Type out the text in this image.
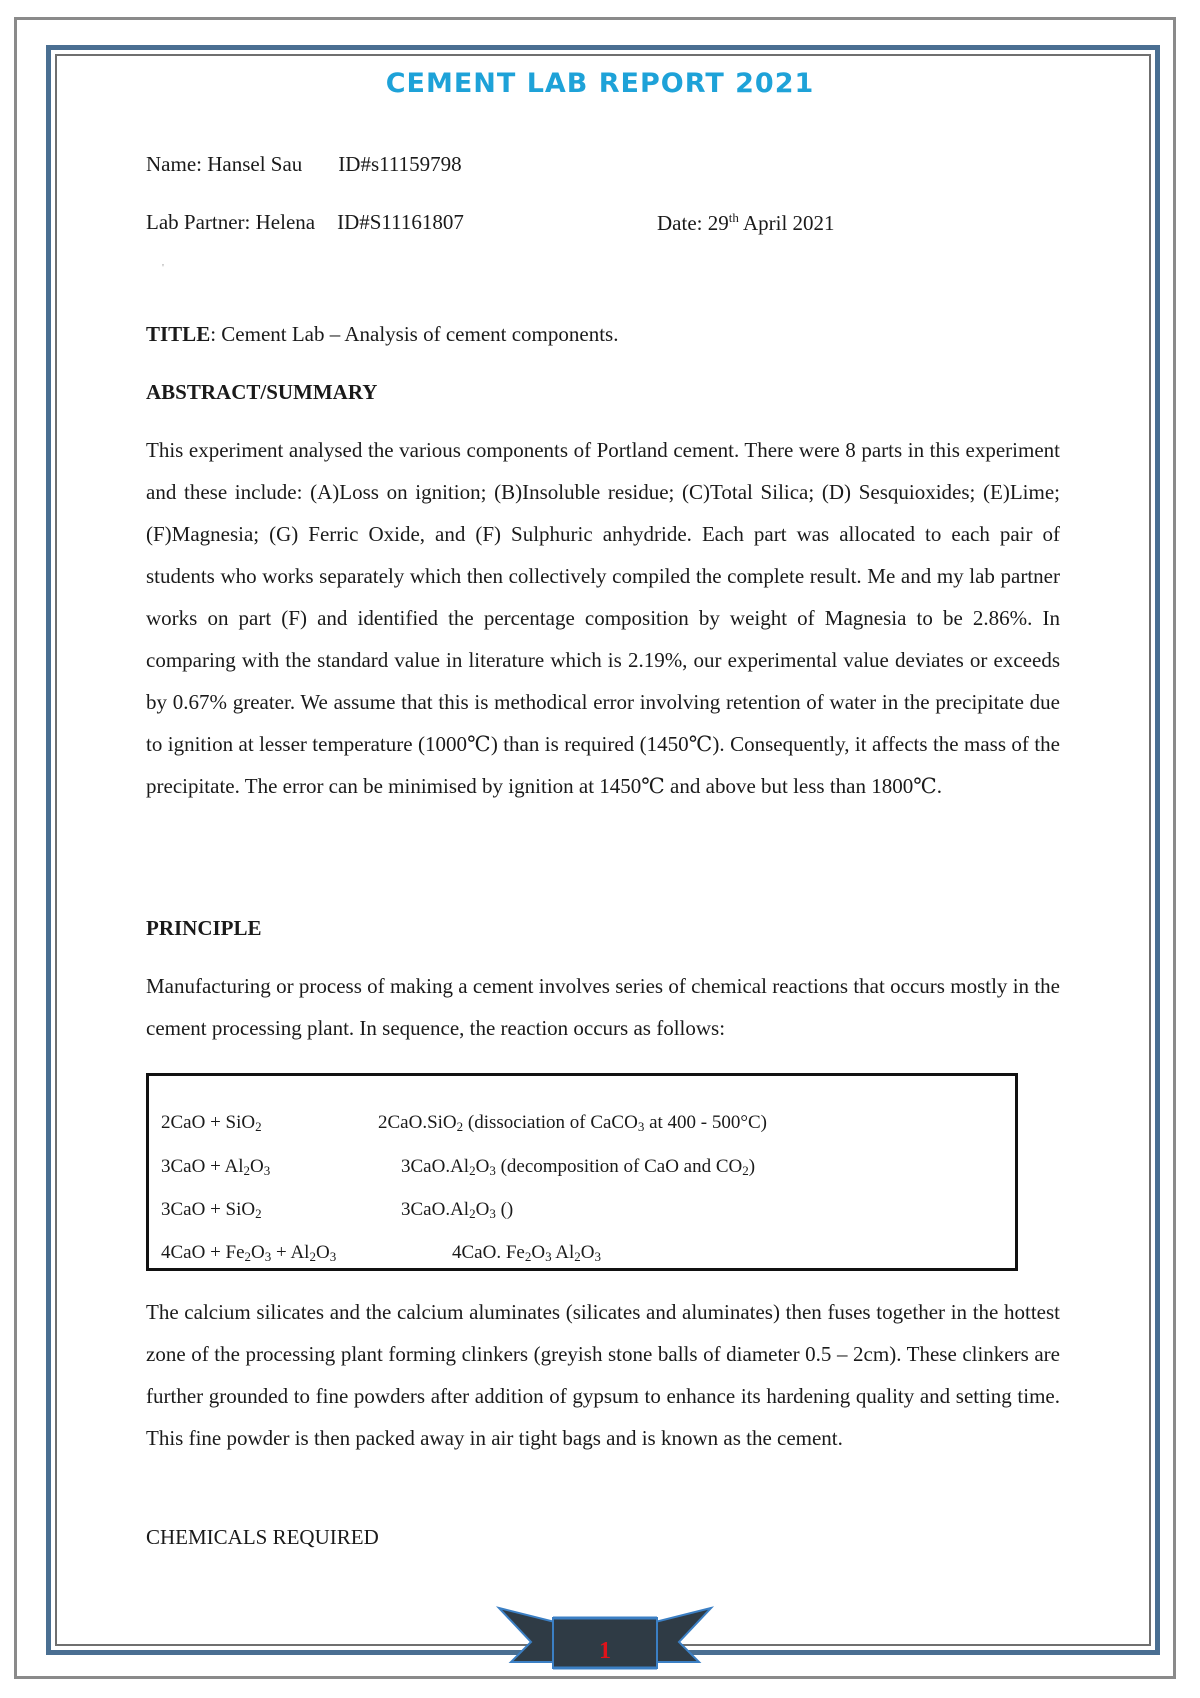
CEMENT LAB REPORT 2021
Name: Hansel Sau ID#s11159798
Lab Partner: Helena ID#S11161807	Date: 29th April 2021
'
TITLE: Cement Lab – Analysis of cement components.
ABSTRACT/SUMMARY
This experiment analysed the various components of Portland cement. There were 8 parts in this experiment and these include: (A)Loss on ignition; (B)Insoluble residue; (C)Total Silica; (D) Sesquioxides; (E)Lime; (F)Magnesia; (G) Ferric Oxide, and (F) Sulphuric anhydride. Each part was allocated to each pair of students who works separately which then collectively compiled the complete result. Me and my lab partner works on part (F) and identified the percentage composition by weight of Magnesia to be 2.86%. In comparing with the standard value in literature which is 2.19%, our experimental value deviates or exceeds by 0.67% greater. We assume that this is methodical error involving retention of water in the precipitate due to ignition at lesser temperature (1000℃) than is required (1450℃). Consequently, it affects the mass of the precipitate. The error can be minimised by ignition at 1450℃ and above but less than 1800℃.
PRINCIPLE
Manufacturing or process of making a cement involves series of chemical reactions that occurs mostly in the cement processing plant. In sequence, the reaction occurs as follows:
2CaO + SiO$_2$	2CaO.SiO$_2$ (dissociation of CaCO$_3$ at 400 - 500°C)
$3CaO + Al_2O_3$	$3CaO.Al_2O_3$ (decomposition of CaO and $CO_2$)
3CaO + SiO$_2$	$3CaO.Al_2O_3$ ()
$4CaO + Fe_2O_3 + Al_2O_3$	4CaO. $Fe_2O_3$ $Al_2O_3$
The calcium silicates and the calcium aluminates (silicates and aluminates) then fuses together in the hottest zone of the processing plant forming clinkers (greyish stone balls of diameter 0.5 – 2cm). These clinkers are further grounded to fine powders after addition of gypsum to enhance its hardening quality and setting time. This fine powder is then packed away in air tight bags and is known as the cement.
CHEMICALS REQUIRED
1
